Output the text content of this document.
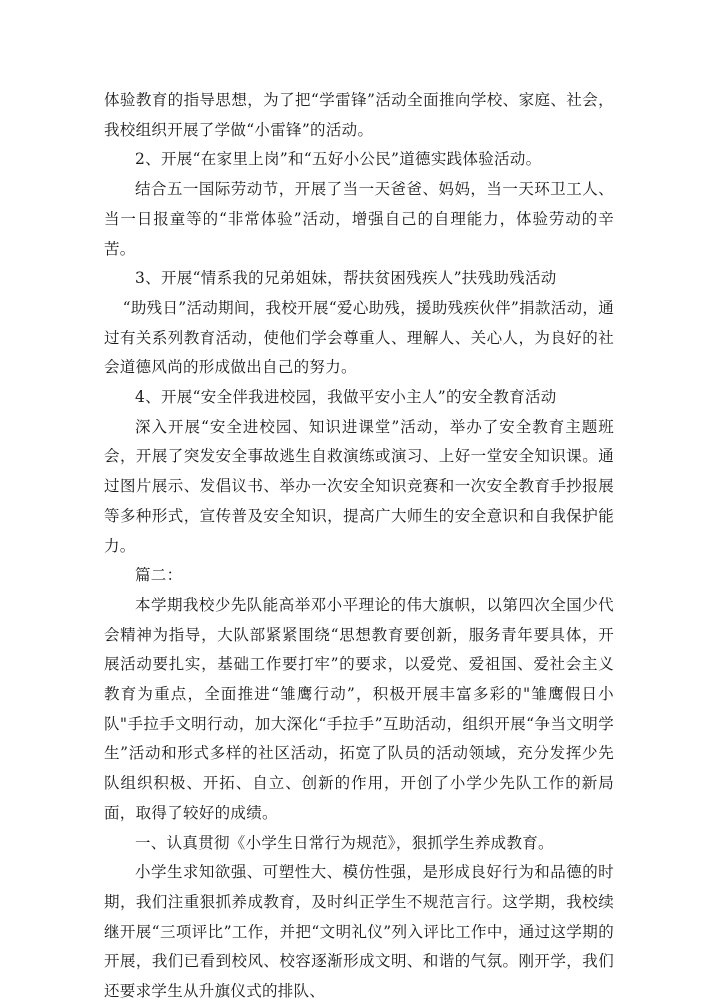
体验教育的指导思想，为了把“学雷锋”活动全面推向学校、家庭、社会，我校组织开展了学做“小雷锋”的活动。

2、开展“在家里上岗”和“五好小公民”道德实践体验活动。

结合五一国际劳动节，开展了当一天爸爸、妈妈，当一天环卫工人、当一日报童等的“非常体验”活动，增强自己的自理能力，体验劳动的辛苦。

3、开展“情系我的兄弟姐妹，帮扶贫困残疾人”扶残助残活动

“助残日”活动期间，我校开展“爱心助残，援助残疾伙伴”捐款活动，通过有关系列教育活动，使他们学会尊重人、理解人、关心人，为良好的社会道德风尚的形成做出自己的努力。

4、开展“安全伴我进校园，我做平安小主人”的安全教育活动

深入开展“安全进校园、知识进课堂”活动，举办了安全教育主题班会，开展了突发安全事故逃生自救演练或演习、上好一堂安全知识课。通过图片展示、发倡议书、举办一次安全知识竞赛和一次安全教育手抄报展等多种形式，宣传普及安全知识，提高广大师生的安全意识和自我保护能力。

篇二：

本学期我校少先队能高举邓小平理论的伟大旗帜，以第四次全国少代会精神为指导，大队部紧紧围绕“思想教育要创新，服务青年要具体，开展活动要扎实，基础工作要打牢”的要求，以爱党、爱祖国、爱社会主义教育为重点，全面推进“雏鹰行动”，积极开展丰富多彩的"雏鹰假日小队"手拉手文明行动，加大深化“手拉手”互助活动，组织开展“争当文明学生”活动和形式多样的社区活动，拓宽了队员的活动领域，充分发挥少先队组织积极、开拓、自立、创新的作用，开创了小学少先队工作的新局面，取得了较好的成绩。

一、认真贯彻《小学生日常行为规范》，狠抓学生养成教育。

小学生求知欲强、可塑性大、模仿性强，是形成良好行为和品德的时期，我们注重狠抓养成教育，及时纠正学生不规范言行。这学期，我校续继开展“三项评比”工作，并把“文明礼仪”列入评比工作中，通过这学期的开展，我们已看到校风、校容逐渐形成文明、和谐的气氛。刚开学，我们还要求学生从升旗仪式的排队、
